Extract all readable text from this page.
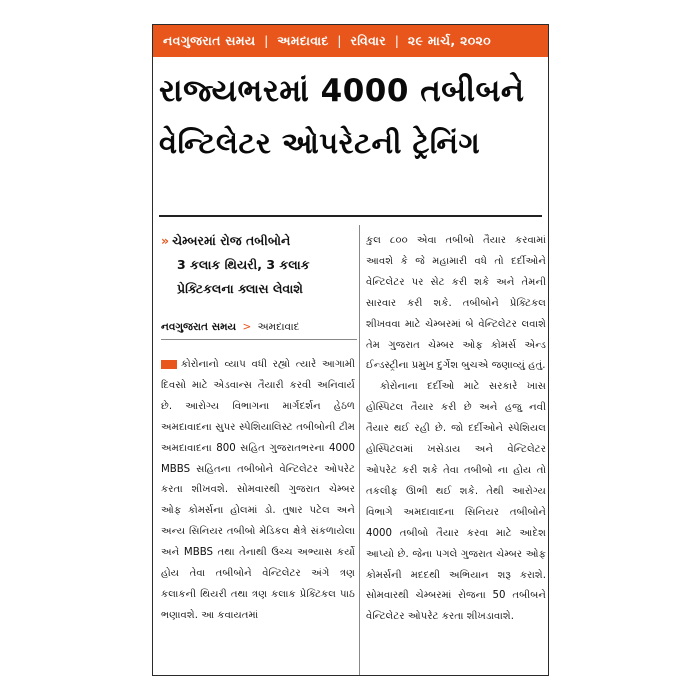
નવગુજરાત સમય | અમદાવાદ | રવિવાર | ૨૯ માર્ચ, ૨૦૨૦
રાજ્યભરમાં 4000 તબીબને
વેન્ટિલેટર ઓપરેટની ટ્રેનિંગ
» ચેમ્બરમાં રોજ તબીબોને
3 કલાક થિયરી, 3 કલાક
પ્રેક્ટિકલના ક્લાસ લેવાશે
નવગુજરાત સમય > અમદાવાદ

કોરોનાનો વ્યાપ વધી રહ્યો ત્યારે આગામી દિવસો માટે એડવાન્સ તૈયારી કરવી અનિવાર્ય છે. આરોગ્ય વિભાગના માર્ગદર્શન હેઠળ અમદાવાદના સુપર સ્પેશિયાલિસ્ટ તબીબોની ટીમ અમદાવાદના 800 સહિત ગુજરાતભરના 4000 MBBS સહિતના તબીબોને વેન્ટિલેટર ઓપરેટ કરતા શીખવશે. સોમવારથી ગુજરાત ચેમ્બર ઓફ કોમર્સના હોલમાં ડો. તુષાર પટેલ અને અન્ય સિનિયર તબીબો મેડિકલ ક્ષેત્રે સંકળાયેલા અને MBBS તથા તેનાથી ઉચ્ચ અભ્યાસ કર્યો હોય તેવા તબીબોને વેન્ટિલેટર અંગે ત્રણ કલાકની થિયરી તથા ત્રણ કલાક પ્રેક્ટિકલ પાઠ ભણાવશે. આ કવાયતમાં

કુલ ૮૦૦ એવા તબીબો તૈયાર કરવામાં આવશે કે જે મહામારી વધે તો દર્દીઓને વેન્ટિલેટર પર સેટ કરી શકે અને તેમની સારવાર કરી શકે. તબીબોને પ્રેક્ટિકલ શીખવવા માટે ચેમ્બરમાં બે વેન્ટિલેટર લવાશે તેમ ગુજરાત ચેમ્બર ઓફ કોમર્સ એન્ડ ઈન્ડસ્ટ્રીના પ્રમુખ દુર્ગેશ બુચએ જણાવ્યું હતું.

કોરોનાના દર્દીઓ માટે સરકારે ખાસ હોસ્પિટલ તૈયાર કરી છે અને હજુ નવી તૈયાર થઈ રહી છે. જો દર્દીઓને સ્પેશિયલ હોસ્પિટલમાં ખસેડાય અને વેન્ટિલેટર ઓપરેટ કરી શકે તેવા તબીબો ના હોય તો તકલીફ ઊભી થઈ શકે. તેથી આરોગ્ય વિભાગે અમદાવાદના સિનિયર તબીબોને 4000 તબીબો તૈયાર કરવા માટે આદેશ આપ્યો છે. જેના પગલે ગુજરાત ચેમ્બર ઓફ કોમર્સની મદદથી અભિયાન શરૂ કરાશે. સોમવારથી ચેમ્બરમાં રોજના 50 તબીબને વેન્ટિલેટર ઓપરેટ કરતા શીખડાવાશે.
